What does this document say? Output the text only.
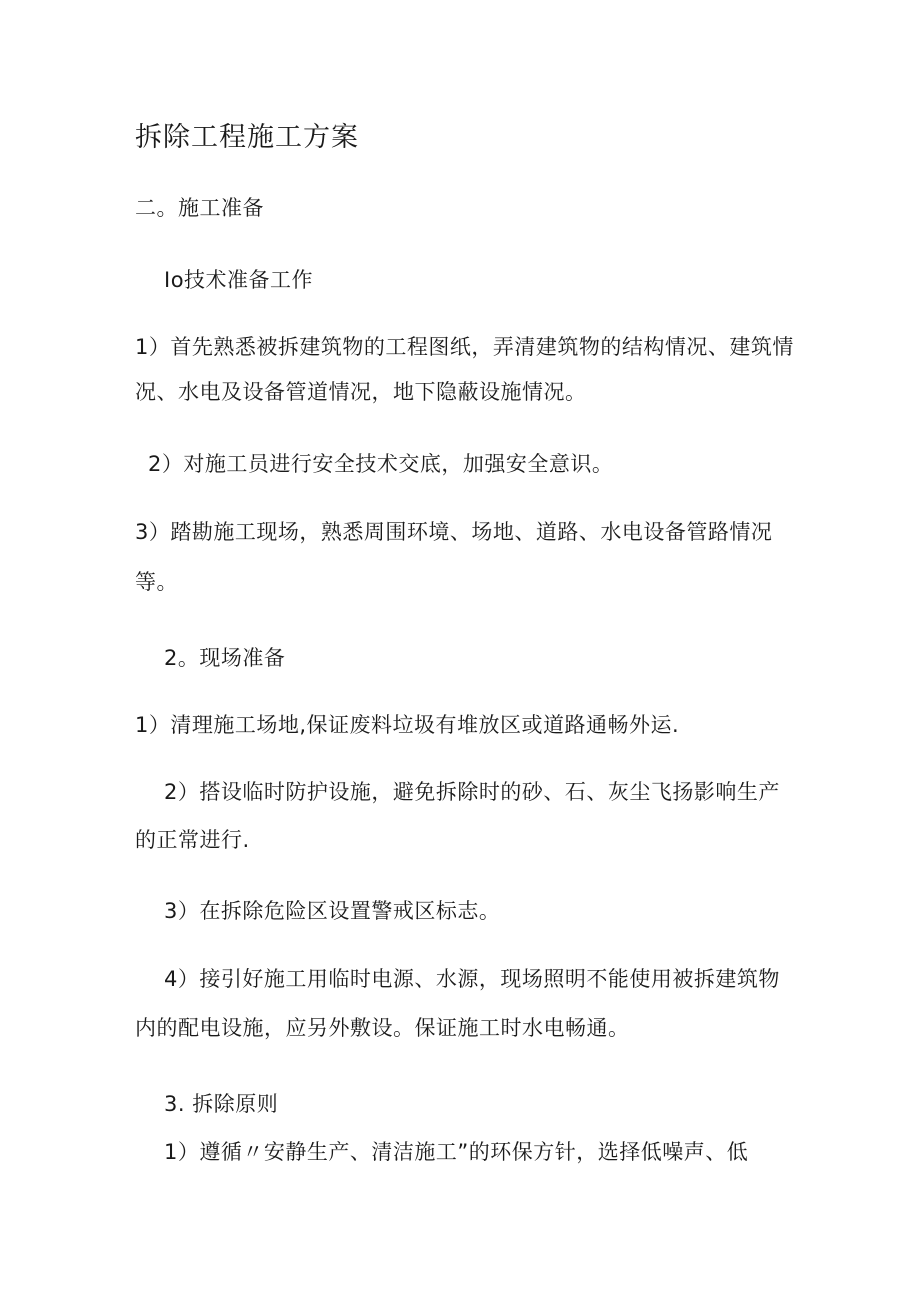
拆除工程施工方案
二。施工准备
Io技术准备工作
1）首先熟悉被拆建筑物的工程图纸，弄清建筑物的结构情况、建筑情
况、水电及设备管道情况，地下隐蔽设施情况。
2）对施工员进行安全技术交底，加强安全意识。
3）踏勘施工现场，熟悉周围环境、场地、道路、水电设备管路情况
等。
2。现场准备
1）清理施工场地,保证废料垃圾有堆放区或道路通畅外运.
2）搭设临时防护设施，避免拆除时的砂、石、灰尘飞扬影响生产
的正常进行.
3）在拆除危险区设置警戒区标志。
4）接引好施工用临时电源、水源，现场照明不能使用被拆建筑物
内的配电设施，应另外敷设。保证施工时水电畅通。
3. 拆除原则
1）遵循〃安静生产、清洁施工”的环保方针，选择低噪声、低
